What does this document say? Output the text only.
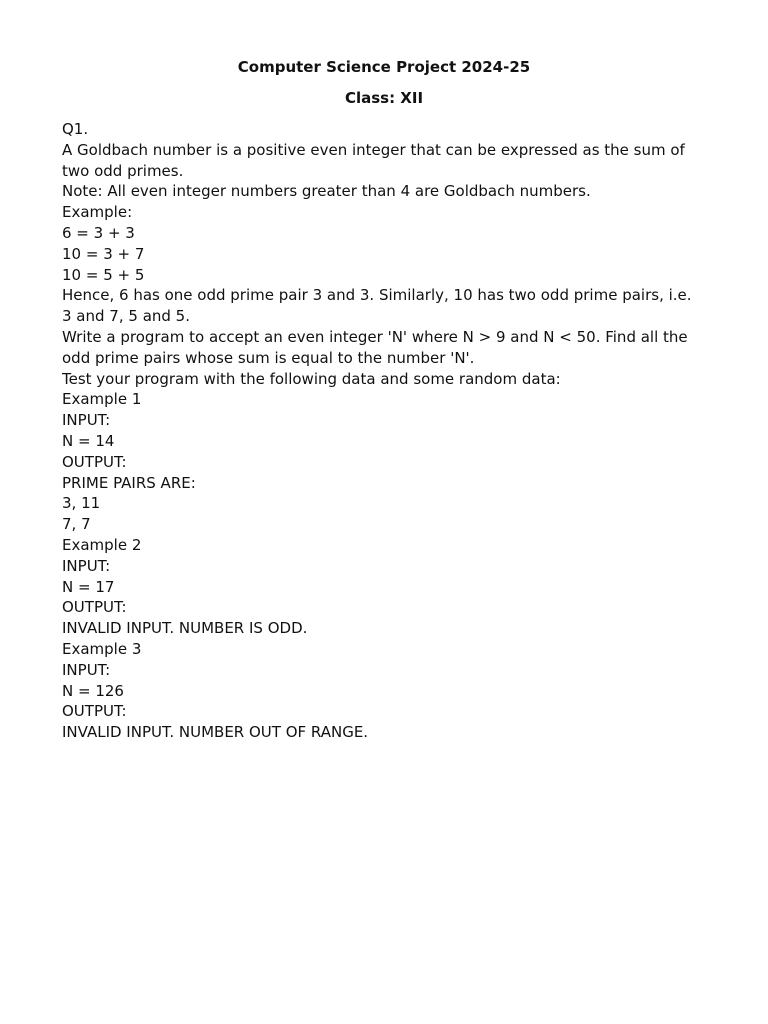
Computer Science Project 2024-25
Class: XII
Q1.
A Goldbach number is a positive even integer that can be expressed as the sum of
two odd primes.
Note: All even integer numbers greater than 4 are Goldbach numbers.
Example:
6 = 3 + 3
10 = 3 + 7
10 = 5 + 5
Hence, 6 has one odd prime pair 3 and 3. Similarly, 10 has two odd prime pairs, i.e.
3 and 7, 5 and 5.
Write a program to accept an even integer 'N' where N > 9 and N < 50. Find all the
odd prime pairs whose sum is equal to the number 'N'.
Test your program with the following data and some random data:
Example 1
INPUT:
N = 14
OUTPUT:
PRIME PAIRS ARE:
3, 11
7, 7
Example 2
INPUT:
N = 17
OUTPUT:
INVALID INPUT. NUMBER IS ODD.
Example 3
INPUT:
N = 126
OUTPUT:
INVALID INPUT. NUMBER OUT OF RANGE.
